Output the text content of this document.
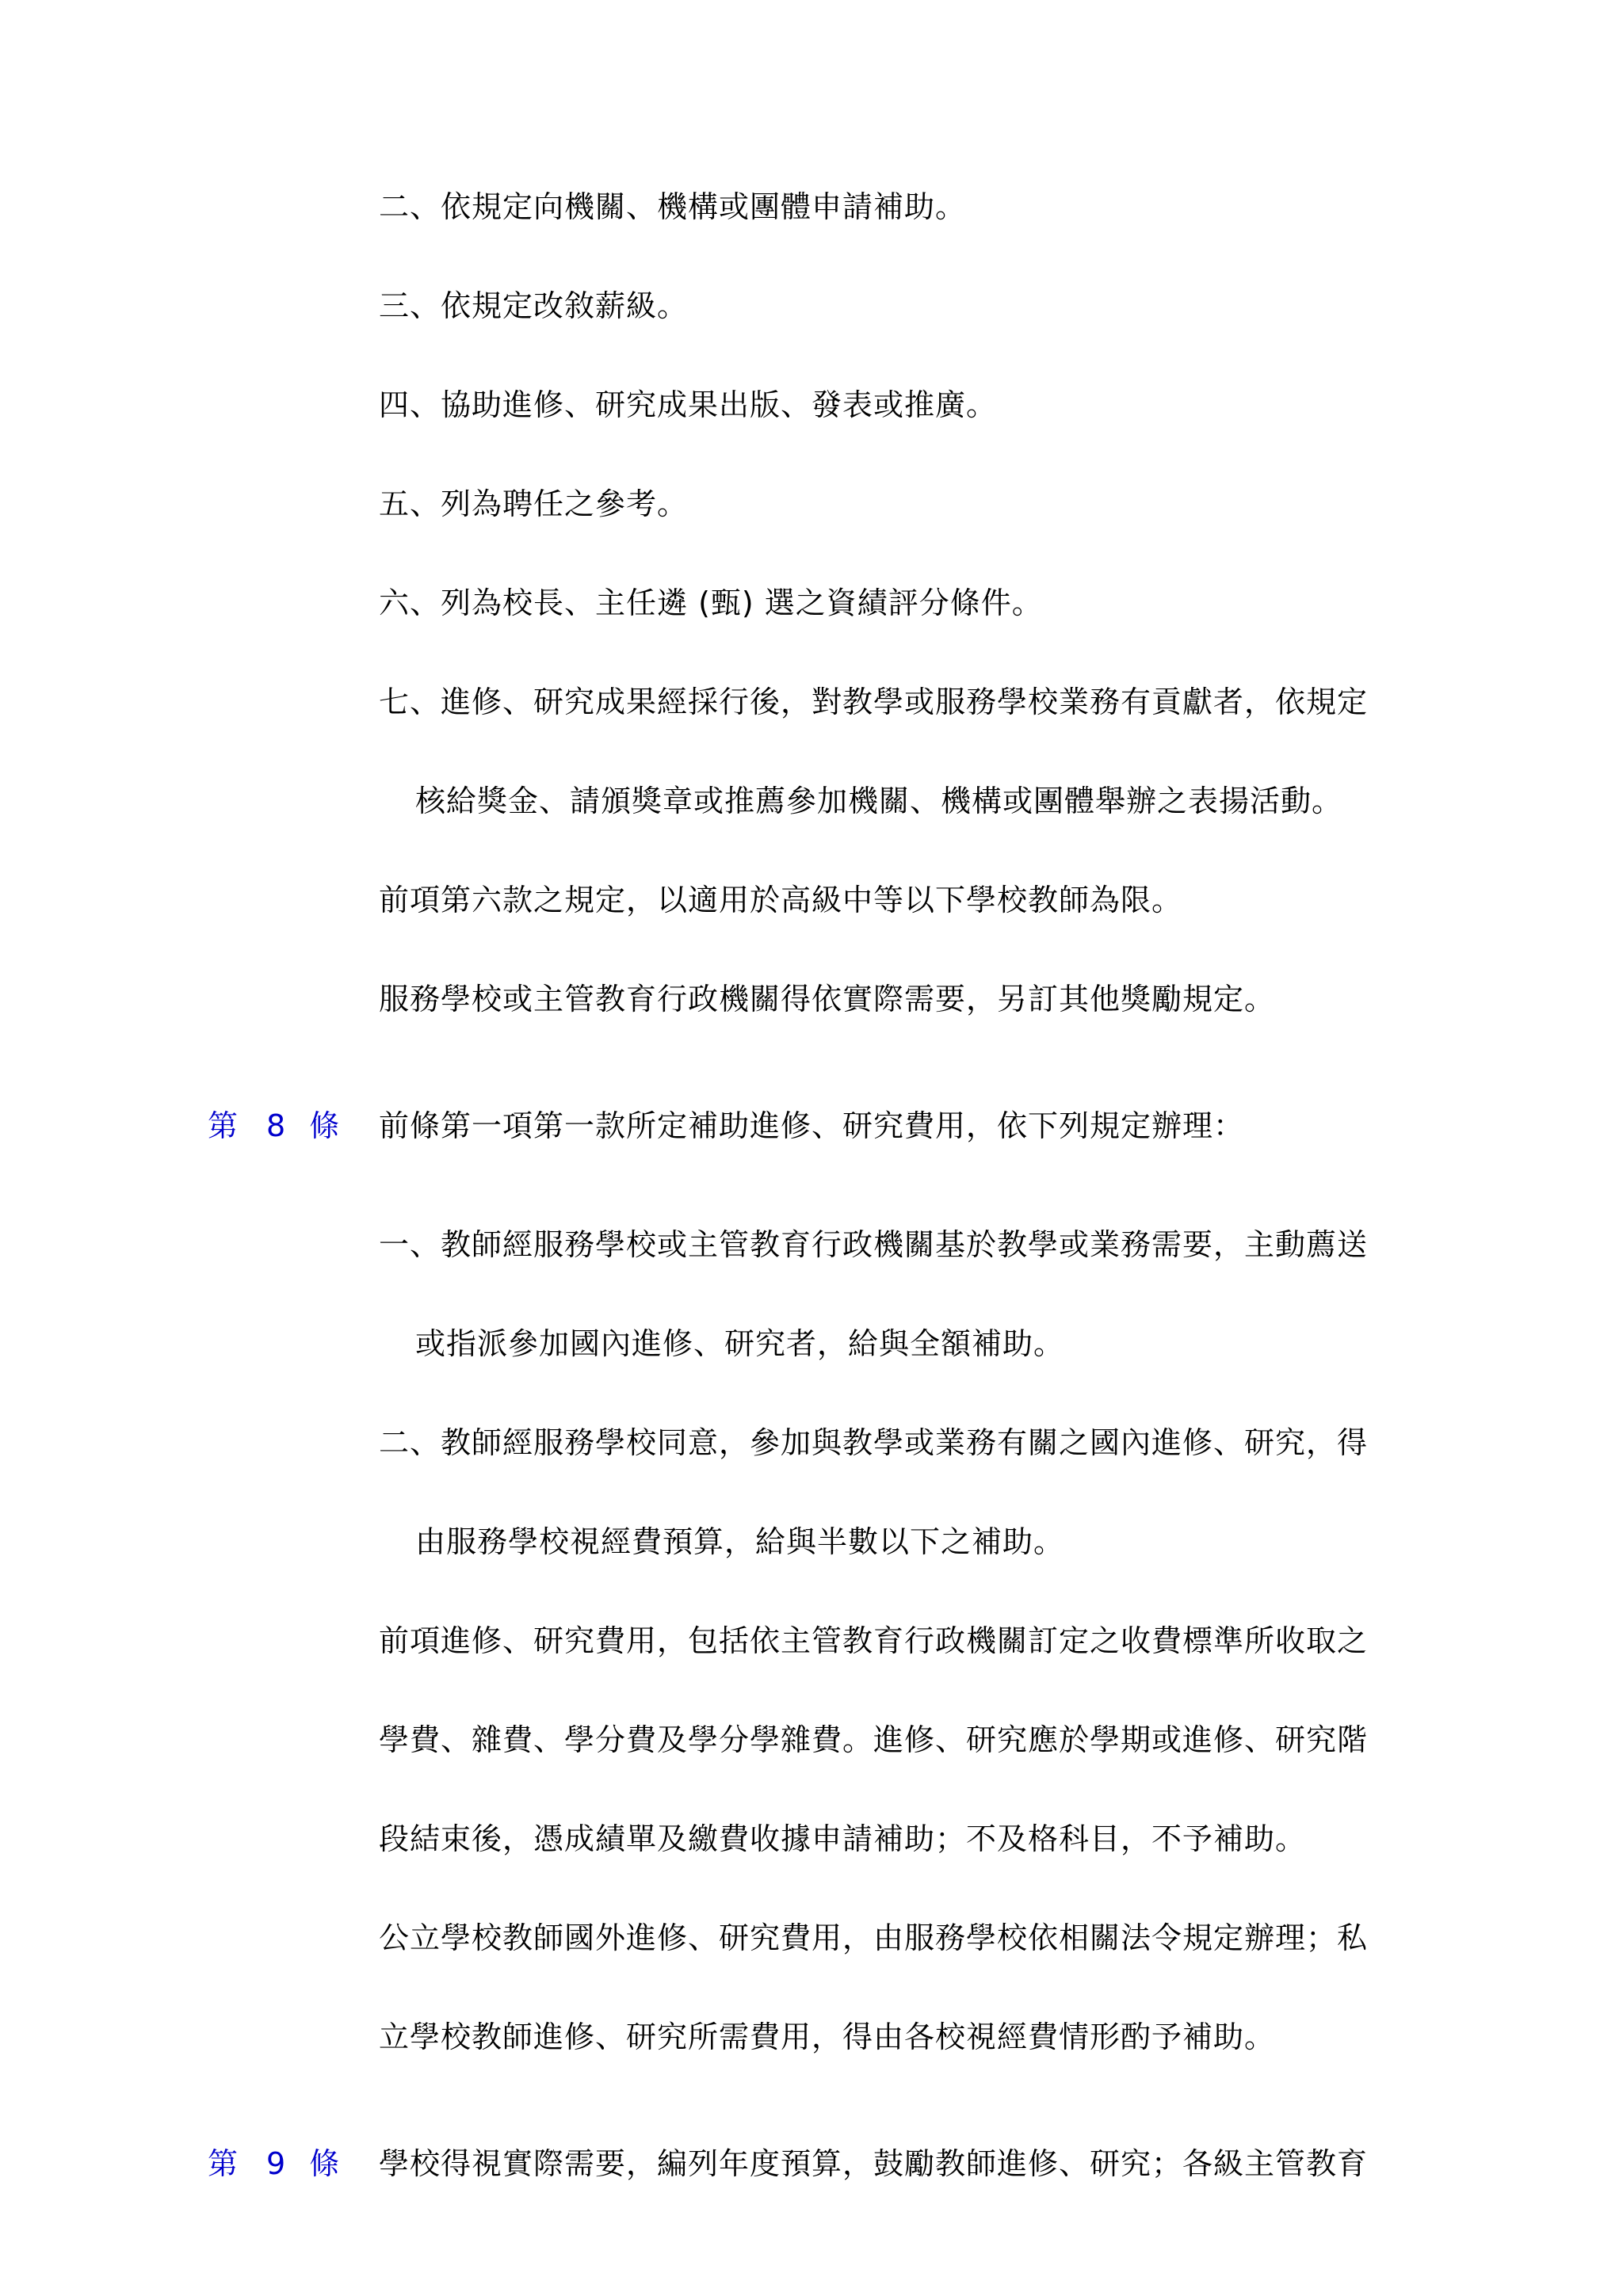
二、依規定向機關、機構或團體申請補助。
三、依規定改敘薪級。
四、協助進修、研究成果出版、發表或推廣。
五、列為聘任之參考。
六、列為校長、主任遴 (甄) 選之資績評分條件。
七、進修、研究成果經採行後，對教學或服務學校業務有貢獻者，依規定
核給獎金、請頒獎章或推薦參加機關、機構或團體舉辦之表揚活動。
前項第六款之規定，以適用於高級中等以下學校教師為限。
服務學校或主管教育行政機關得依實際需要，另訂其他獎勵規定。
第 8 條 前條第一項第一款所定補助進修、研究費用，依下列規定辦理：
一、教師經服務學校或主管教育行政機關基於教學或業務需要，主動薦送
或指派參加國內進修、研究者，給與全額補助。
二、教師經服務學校同意，參加與教學或業務有關之國內進修、研究，得
由服務學校視經費預算，給與半數以下之補助。
前項進修、研究費用，包括依主管教育行政機關訂定之收費標準所收取之
學費、雜費、學分費及學分學雜費。進修、研究應於學期或進修、研究階
段結束後，憑成績單及繳費收據申請補助；不及格科目，不予補助。
公立學校教師國外進修、研究費用，由服務學校依相關法令規定辦理；私
立學校教師進修、研究所需費用，得由各校視經費情形酌予補助。
第 9 條 學校得視實際需要，編列年度預算，鼓勵教師進修、研究；各級主管教育
